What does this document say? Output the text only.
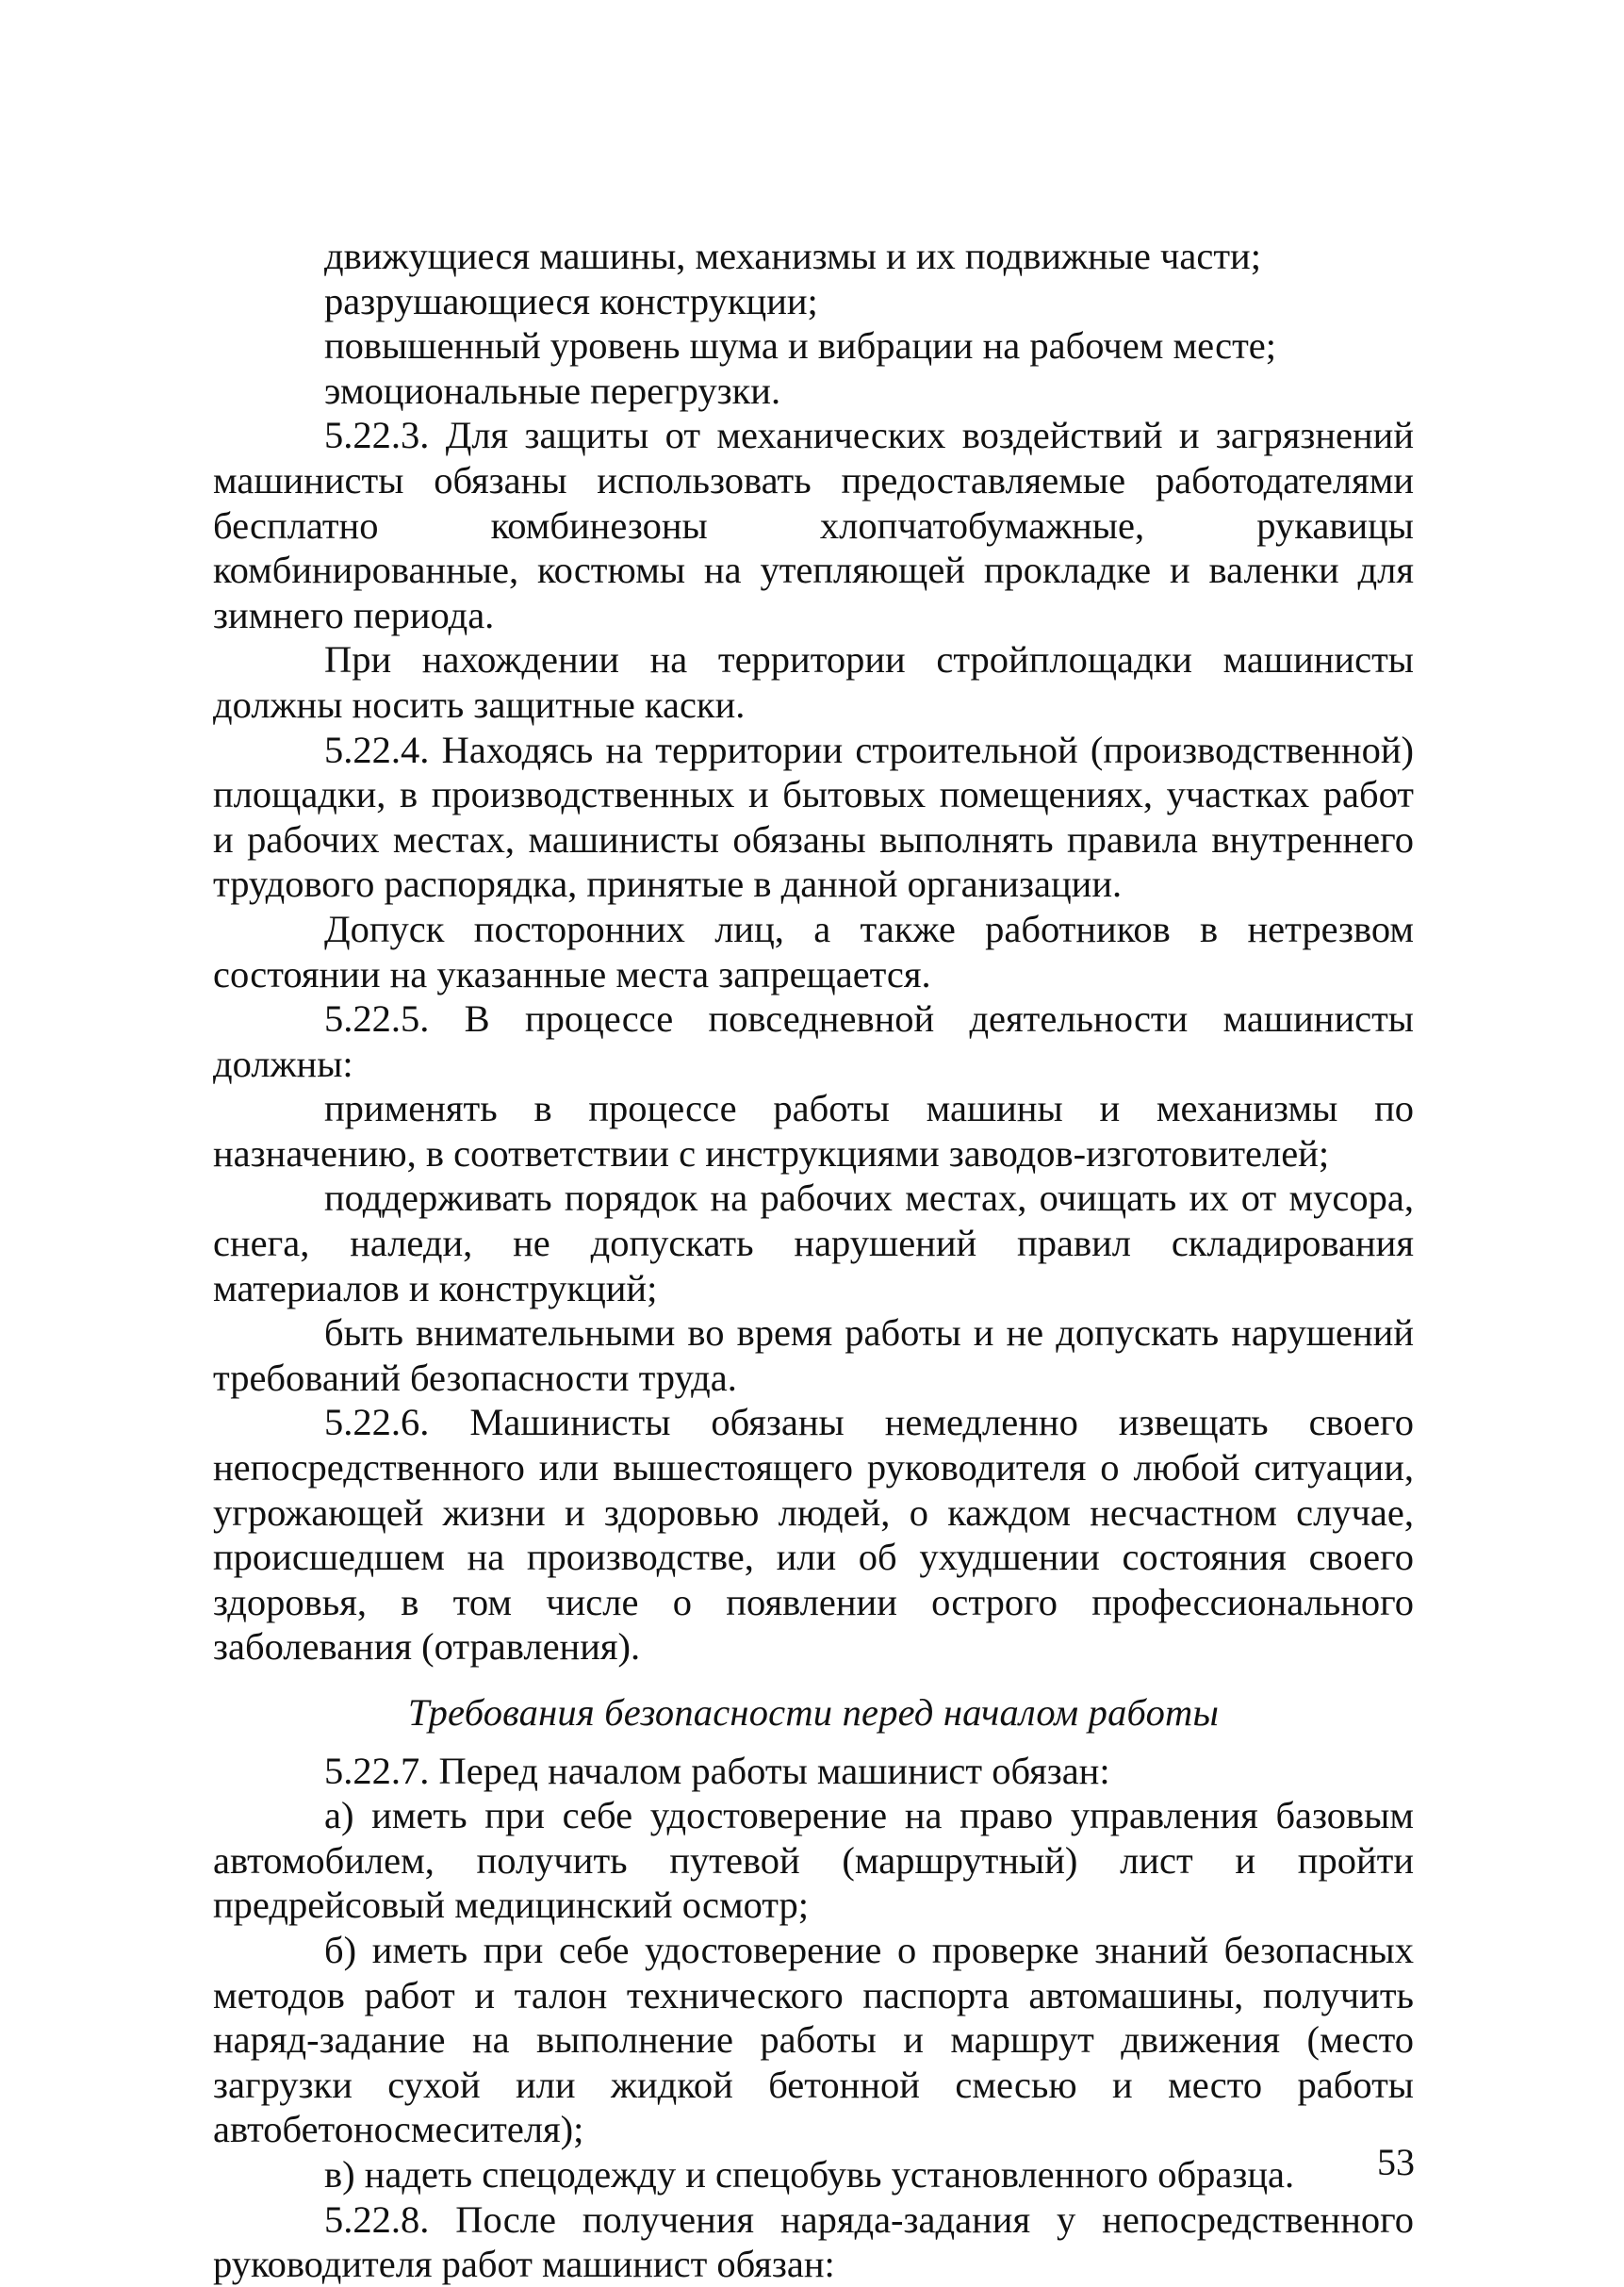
движущиеся машины, механизмы и их подвижные части;

разрушающиеся конструкции;

повышенный уровень шума и вибрации на рабочем месте;

эмоциональные перегрузки.

5.22.3. Для защиты от механических воздействий и загрязнений машинисты обязаны использовать предоставляемые работодателями бесплатно комбинезоны хлопчатобумажные, рукавицы комбинированные, костюмы на утепляющей прокладке и валенки для зимнего периода.

При нахождении на территории стройплощадки машинисты должны носить защитные каски.

5.22.4. Находясь на территории строительной (производственной) площадки, в производственных и бытовых помещениях, участках работ и рабочих местах, машинисты обязаны выполнять правила внутреннего трудового распорядка, принятые в данной организации.

Допуск посторонних лиц, а также работников в нетрезвом состоянии на указанные места запрещается.

5.22.5. В процессе повседневной деятельности машинисты должны:

применять в процессе работы машины и механизмы по назначению, в соответствии с инструкциями заводов-изготовителей;

поддерживать порядок на рабочих местах, очищать их от мусора, снега, наледи, не допускать нарушений правил складирования материалов и конструкций;

быть внимательными во время работы и не допускать нарушений требований безопасности труда.

5.22.6. Машинисты обязаны немедленно извещать своего непосредственного или вышестоящего руководителя о любой ситуации, угрожающей жизни и здоровью людей, о каждом несчастном случае, происшедшем на производстве, или об ухудшении состояния своего здоровья, в том числе о появлении острого профессионального заболевания (отравления).

Требования безопасности перед началом работы

5.22.7. Перед началом работы машинист обязан:

а) иметь при себе удостоверение на право управления базовым автомобилем, получить путевой (маршрутный) лист и пройти предрейсовый медицинский осмотр;

б) иметь при себе удостоверение о проверке знаний безопасных методов работ и талон технического паспорта автомашины, получить наряд-задание на выполнение работы и маршрут движения (место загрузки сухой или жидкой бетонной смесью и место работы автобетоносмесителя);

в) надеть спецодежду и спецобувь установленного образца.

5.22.8. После получения наряда-задания у непосредственного руководителя работ машинист обязан:

53
